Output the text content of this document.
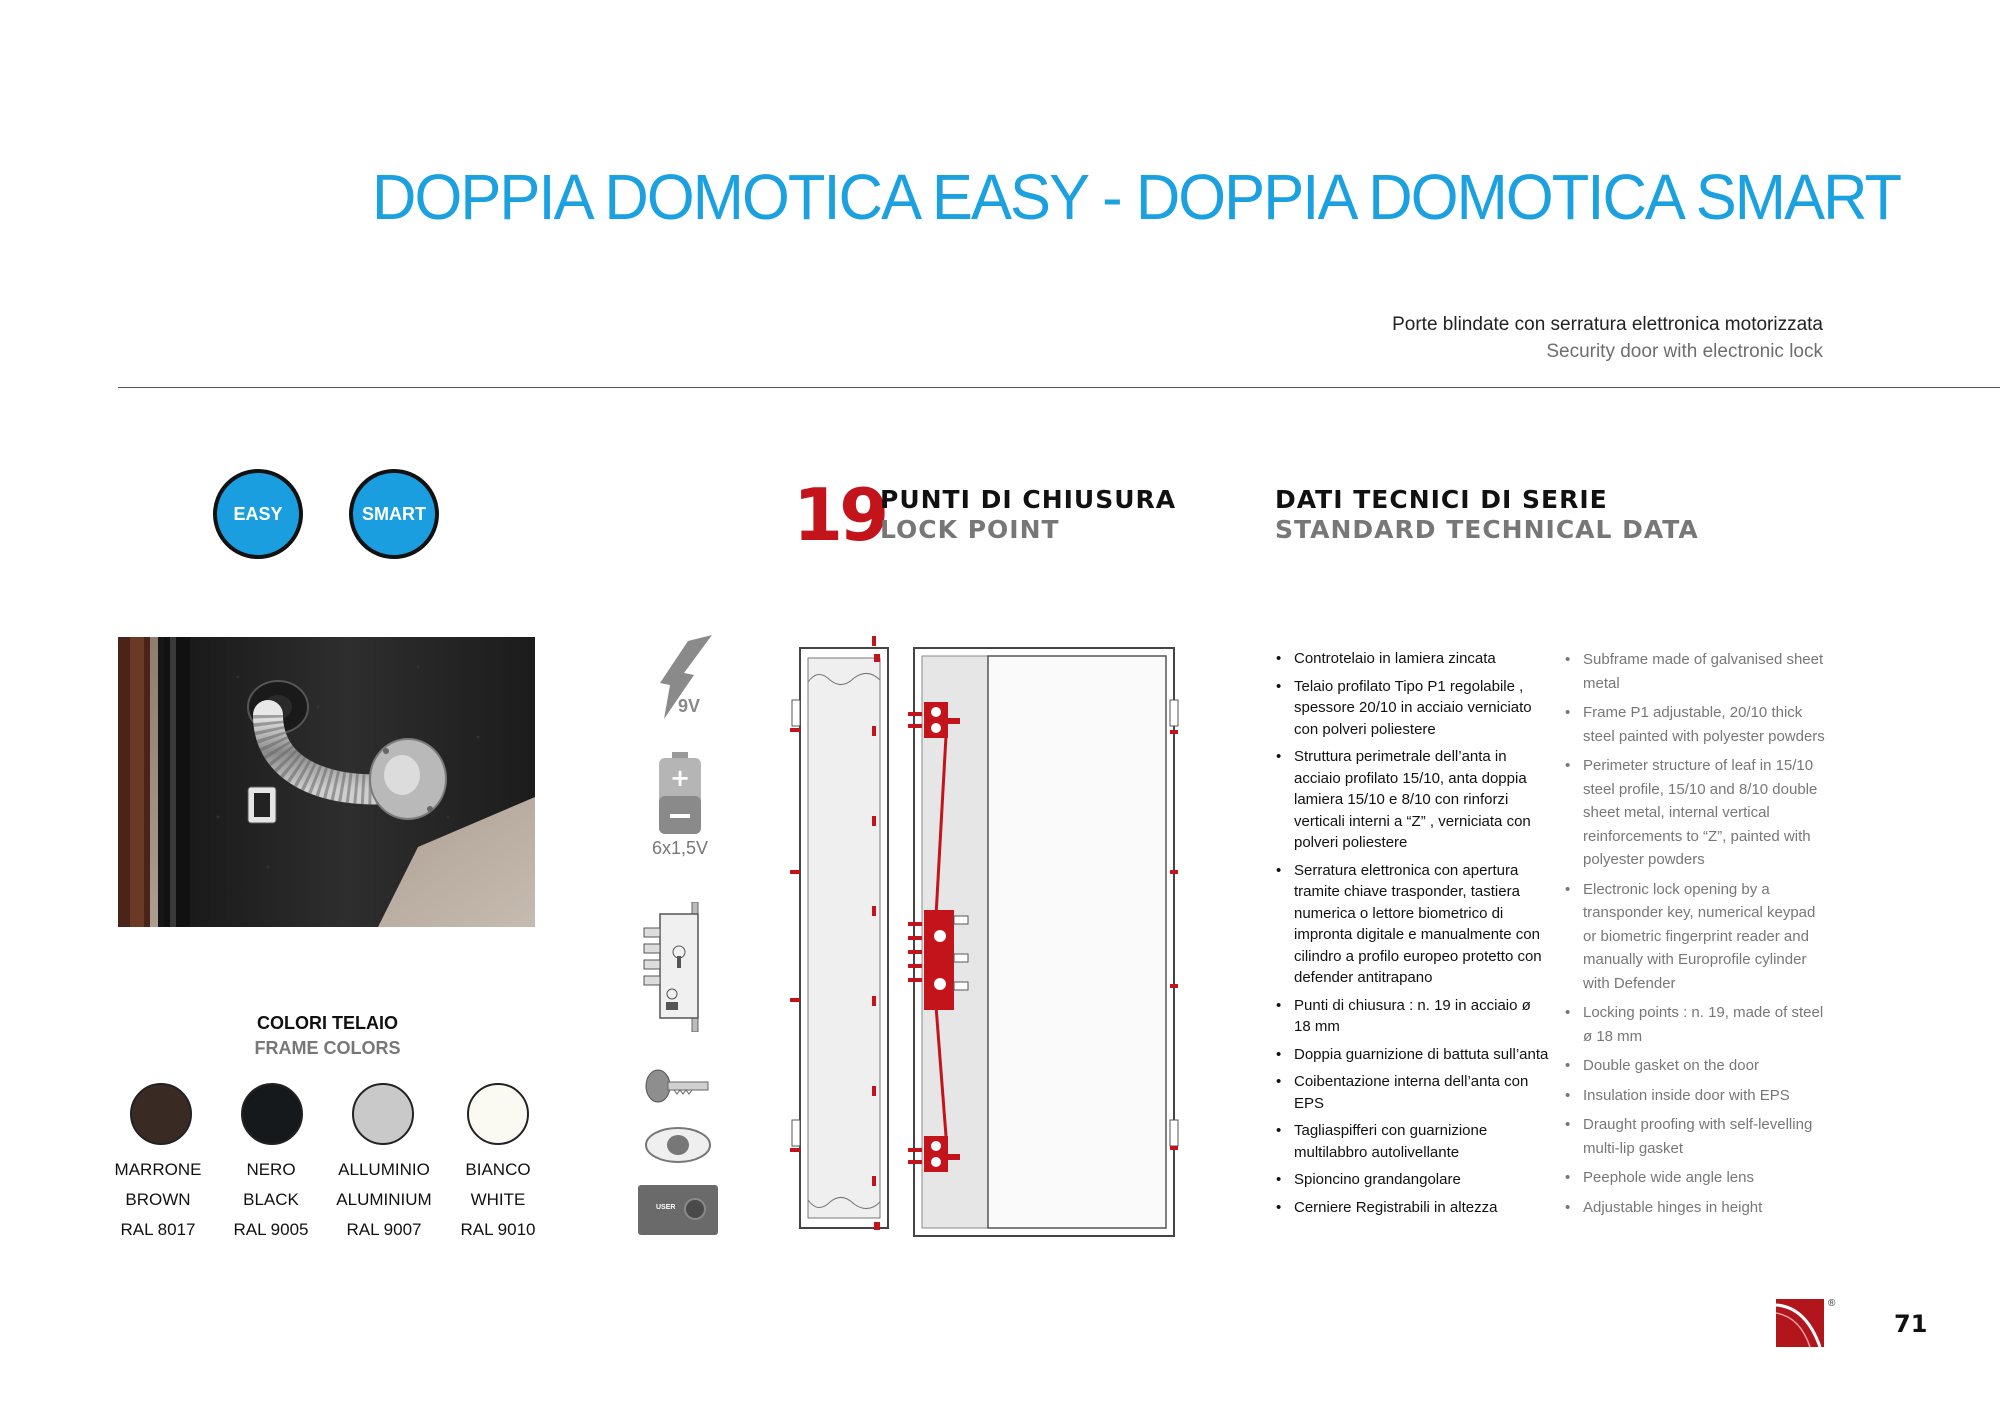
DOPPIA DOMOTICA EASY - DOPPIA DOMOTICA SMART
Porte blindate con serratura elettronica motorizzata
Security door with electronic lock
EASY	SMART
COLORI TELAIO
FRAME COLORS
MARRONE
BROWN
RAL 8017
NERO
BLACK
RAL 9005
ALLUMINIO
ALUMINIUM
RAL 9007
BIANCO
WHITE
RAL 9010
19
PUNTI DI CHIUSURA
LOCK POINT
DATI TECNICI DI SERIE
STANDARD TECHNICAL DATA
9V
+
6x1,5V
USER
• Controtelaio in lamiera zincata
• Telaio profilato Tipo P1 regolabile , spessore 20/10 in acciaio verniciato con polveri poliestere
• Struttura perimetrale dell’anta in acciaio profilato 15/10, anta doppia lamiera 15/10 e 8/10 con rinforzi verticali interni a “Z” , verniciata con polveri poliestere
• Serratura elettronica con apertura tramite chiave trasponder, tastiera numerica o lettore biometrico di impronta digitale e manualmente con cilindro a profilo europeo protetto con defender antitrapano
• Punti di chiusura : n. 19 in acciaio ø 18 mm
• Doppia guarnizione di battuta sull’anta
• Coibentazione interna dell’anta con EPS
• Tagliaspifferi con guarnizione multilabbro autolivellante
• Spioncino grandangolare
• Cerniere Registrabili in altezza
• Subframe made of galvanised sheet metal
• Frame P1 adjustable, 20/10 thick steel painted with polyester powders
• Perimeter structure of leaf in 15/10 steel profile, 15/10 and 8/10 double sheet metal, internal vertical reinforcements to “Z”, painted with polyester powders
• Electronic lock opening by a transponder key, numerical keypad or biometric fingerprint reader and manually with Europrofile cylinder with Defender
• Locking points : n. 19, made of steel ø 18 mm
• Double gasket on the door
• Insulation inside door with EPS
• Draught proofing with self-levelling multi-lip gasket
• Peephole wide angle lens
• Adjustable hinges in height
®
71
